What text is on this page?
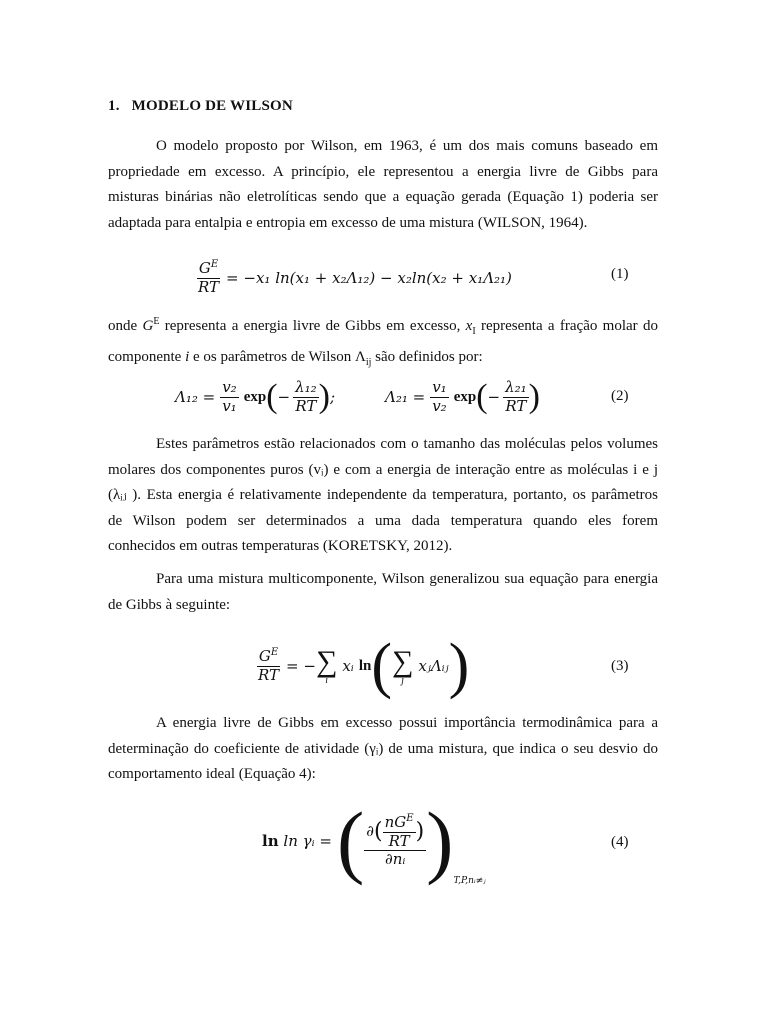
1. MODELO DE WILSON
O modelo proposto por Wilson, em 1963, é um dos mais comuns baseado em
propriedade em excesso. A princípio, ele representou a energia livre de Gibbs para
misturas binárias não eletrolíticas sendo que a equação gerada (Equação 1) poderia ser
adaptada para entalpia e entropia em excesso de uma mistura (WILSON, 1964).
$\frac{G^E}{RT} = -x_1$ ln(x₁ + x₂Λ₁₂) − x₂ln(x₂ + x₁Λ₂₁)	(1)
onde $G^E$ representa a energia livre de Gibbs em excesso, $x_I$ representa a fração molar do
componente i e os parâmetros de Wilson $\Lambda_{ij}$ são definidos por:
$\Lambda_{12} = \frac{\text{v₂}}{\text{v₁}}$ exp ( −  $\frac{\text{λ₁₂}}{RT}$ ) ;	$\Lambda_{21} = \frac{\text{v₁}}{\text{v₂}}$ exp ( −  $\frac{\text{λ₂₁}}{RT}$ )	(2)
Estes parâmetros estão relacionados com o tamanho das moléculas pelos volumes
molares dos componentes puros (vᵢ) e com a energia de interação entre as moléculas i e j
(λᵢⱼ ). Esta energia é relativamente independente da temperatura, portanto, os parâmetros
de Wilson podem ser determinados a uma dada temperatura quando eles forem
conhecidos em outras temperaturas (KORETSKY, 2012).
Para uma mistura multicomponente, Wilson generalizou sua equação para energia
de Gibbs à seguinte:
$\frac{G^E}{RT}$ = − ∑
i
xᵢ ln ( ∑
j
xⱼΛᵢⱼ )	(3)
A energia livre de Gibbs em excesso possui importância termodinâmica para a
determinação do coeficiente de atividade (γᵢ) de uma mistura, que indica o seu desvio do
comportamento ideal (Equação 4):
ln ln γᵢ = ( ∂ ( $\frac{nG^E}{RT}$ )
∂nᵢ ) T,P,nᵢ≠ⱼ
(4)
